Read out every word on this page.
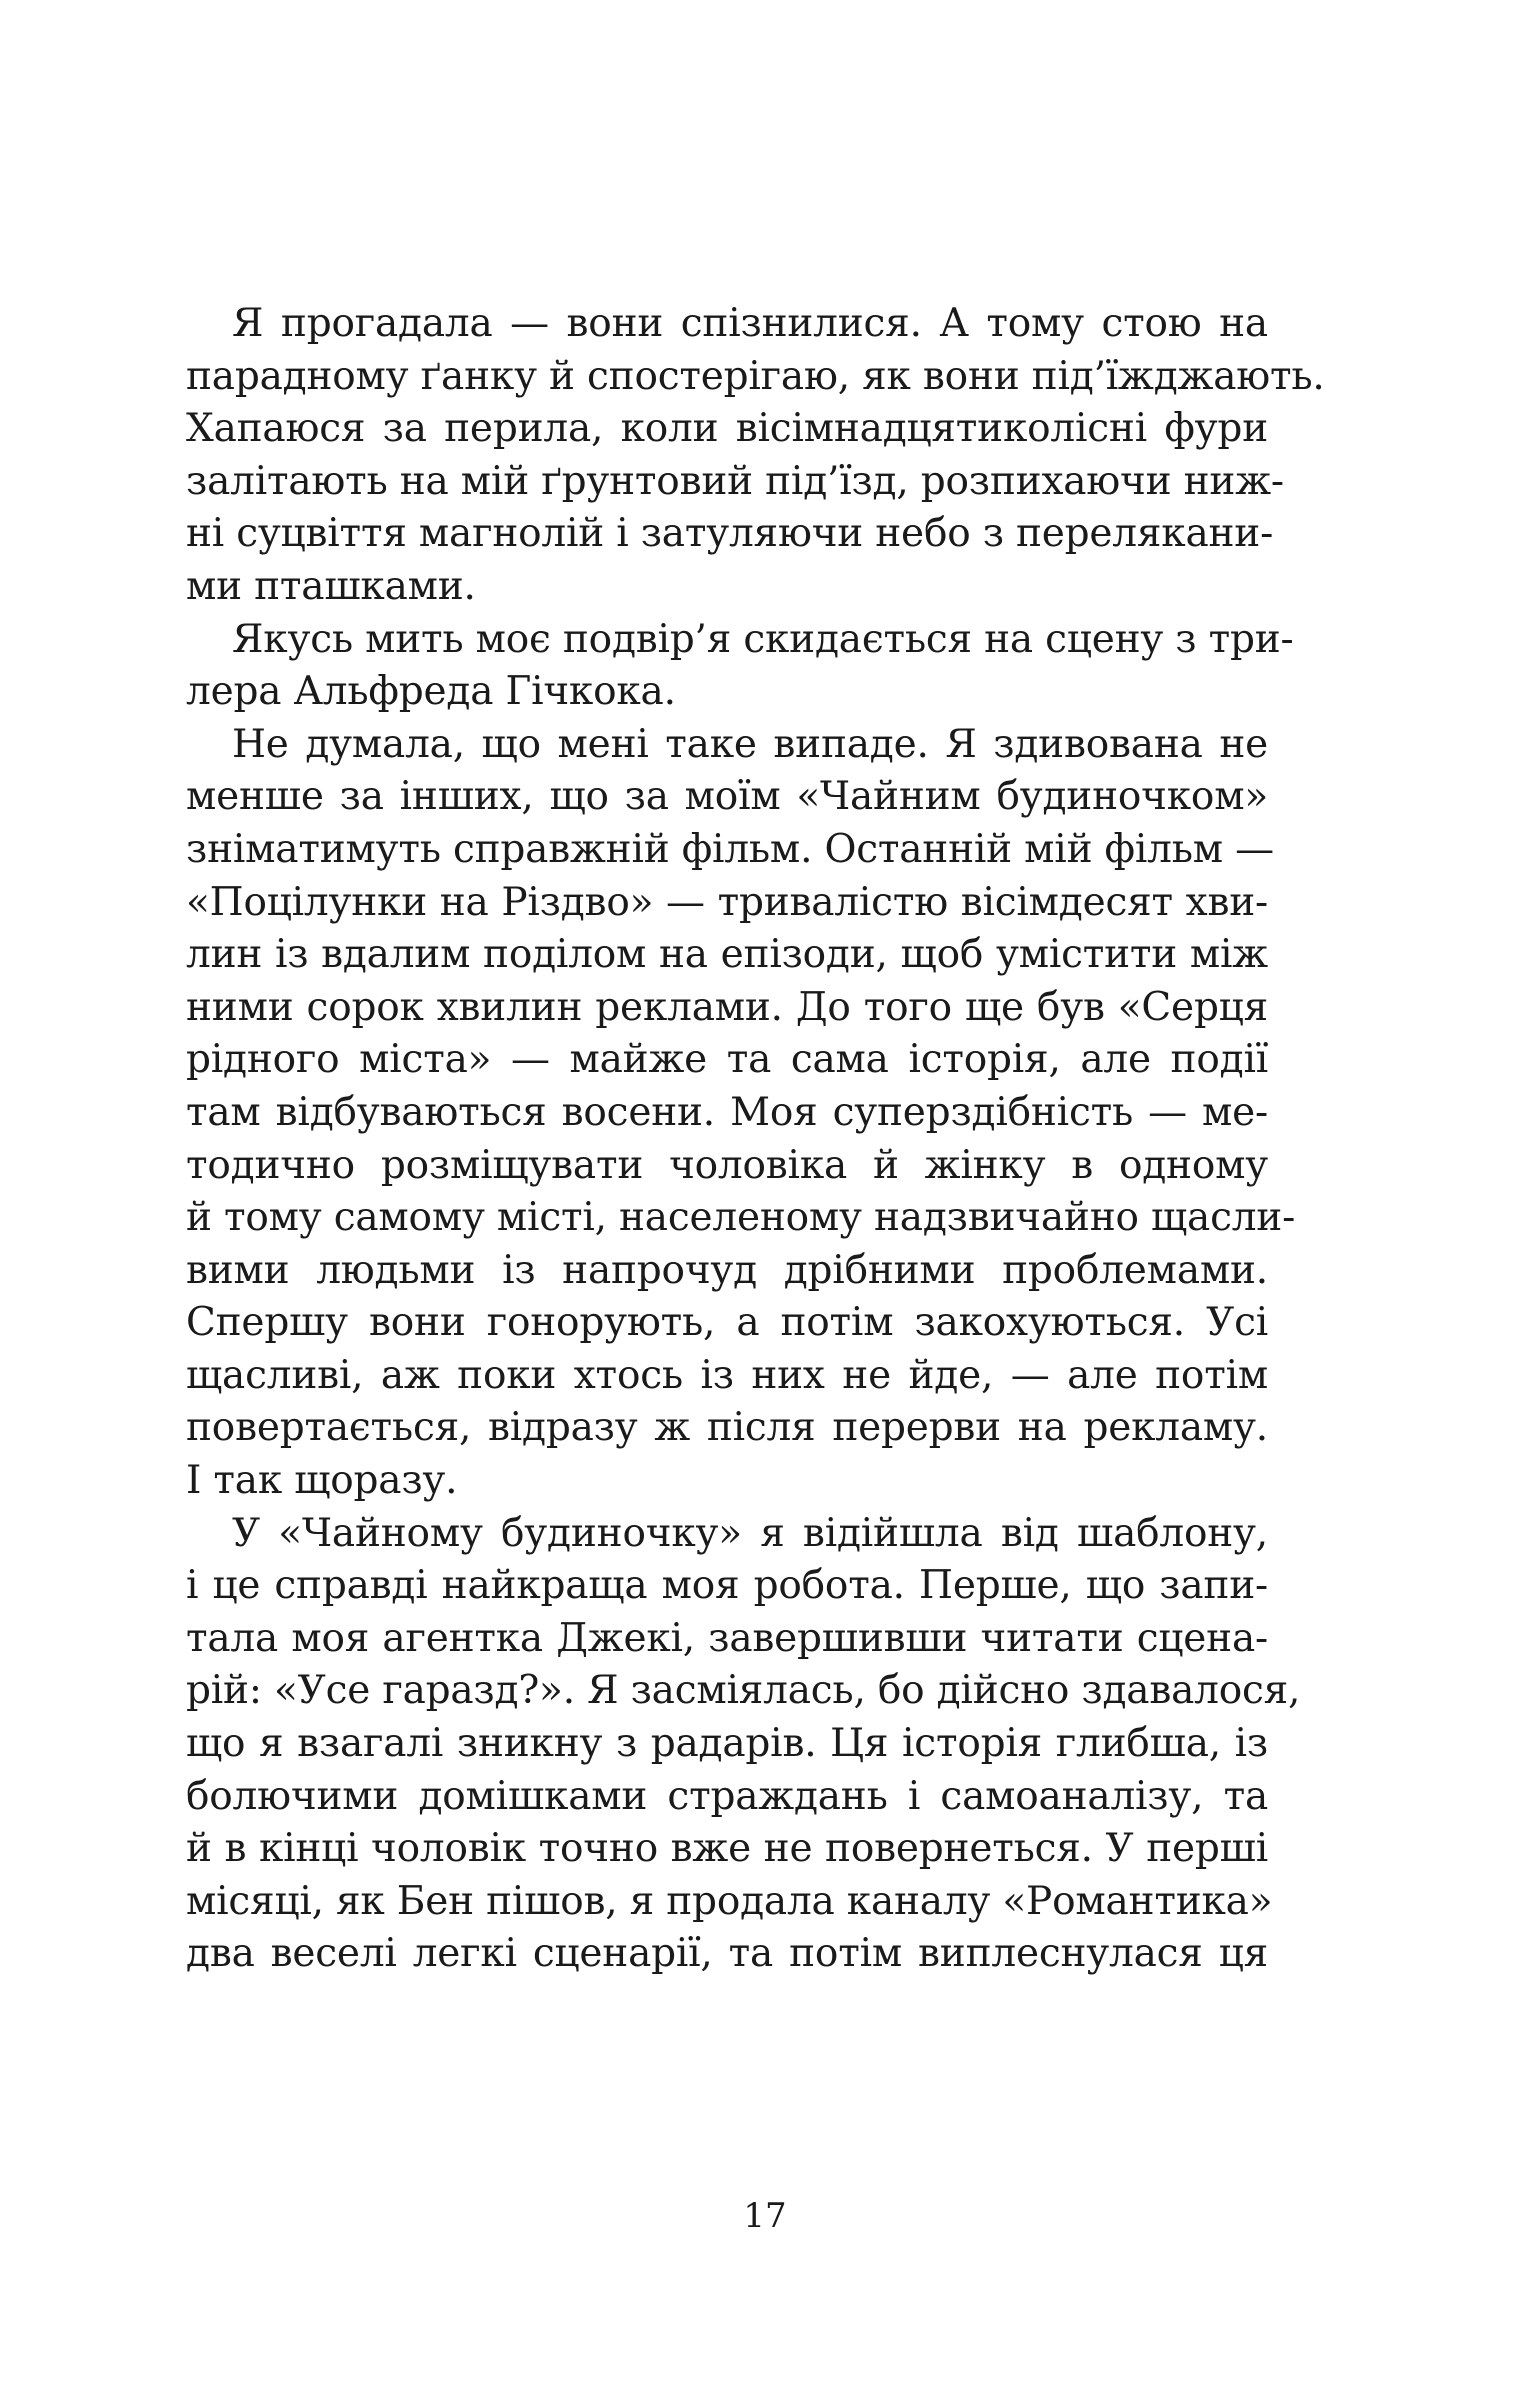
Я прогадала — вони спізнилися. А тому стою на
парадному ґанку й спостерігаю, як вони під’їжджають.
Хапаюся за перила, коли вісімнадцятиколісні фури
залітають на мій ґрунтовий під’їзд, розпихаючи ниж-
ні суцвіття магнолій і затуляючи небо з перелякани-
ми пташками.

Якусь мить моє подвір’я скидається на сцену з три-
лера Альфреда Гічкока.

Не думала, що мені таке випаде. Я здивована не
менше за інших, що за моїм «Чайним будиночком»
зніматимуть справжній фільм. Останній мій фільм —
«Поцілунки на Різдво» — тривалістю вісімдесят хви-
лин із вдалим поділом на епізоди, щоб умістити між
ними сорок хвилин реклами. До того ще був «Серця
рідного міста» — майже та сама історія, але події
там відбуваються восени. Моя суперздібність — ме-
тодично розміщувати чоловіка й жінку в одному
й тому самому місті, населеному надзвичайно щасли-
вими людьми із напрочуд дрібними проблемами.
Спершу вони гонорують, а потім закохуються. Усі
щасливі, аж поки хтось із них не йде, — але потім
повертається, відразу ж після перерви на рекламу.
І так щоразу.

У «Чайному будиночку» я відійшла від шаблону,
і це справді найкраща моя робота. Перше, що запи-
тала моя агентка Джекі, завершивши читати сцена-
рій: «Усе гаразд?». Я засміялась, бо дійсно здавалося,
що я взагалі зникну з радарів. Ця історія глибша, із
болючими домішками страждань і самоаналізу, та
й в кінці чоловік точно вже не повернеться. У перші
місяці, як Бен пішов, я продала каналу «Романтика»
два веселі легкі сценарії, та потім виплеснулася ця

17
